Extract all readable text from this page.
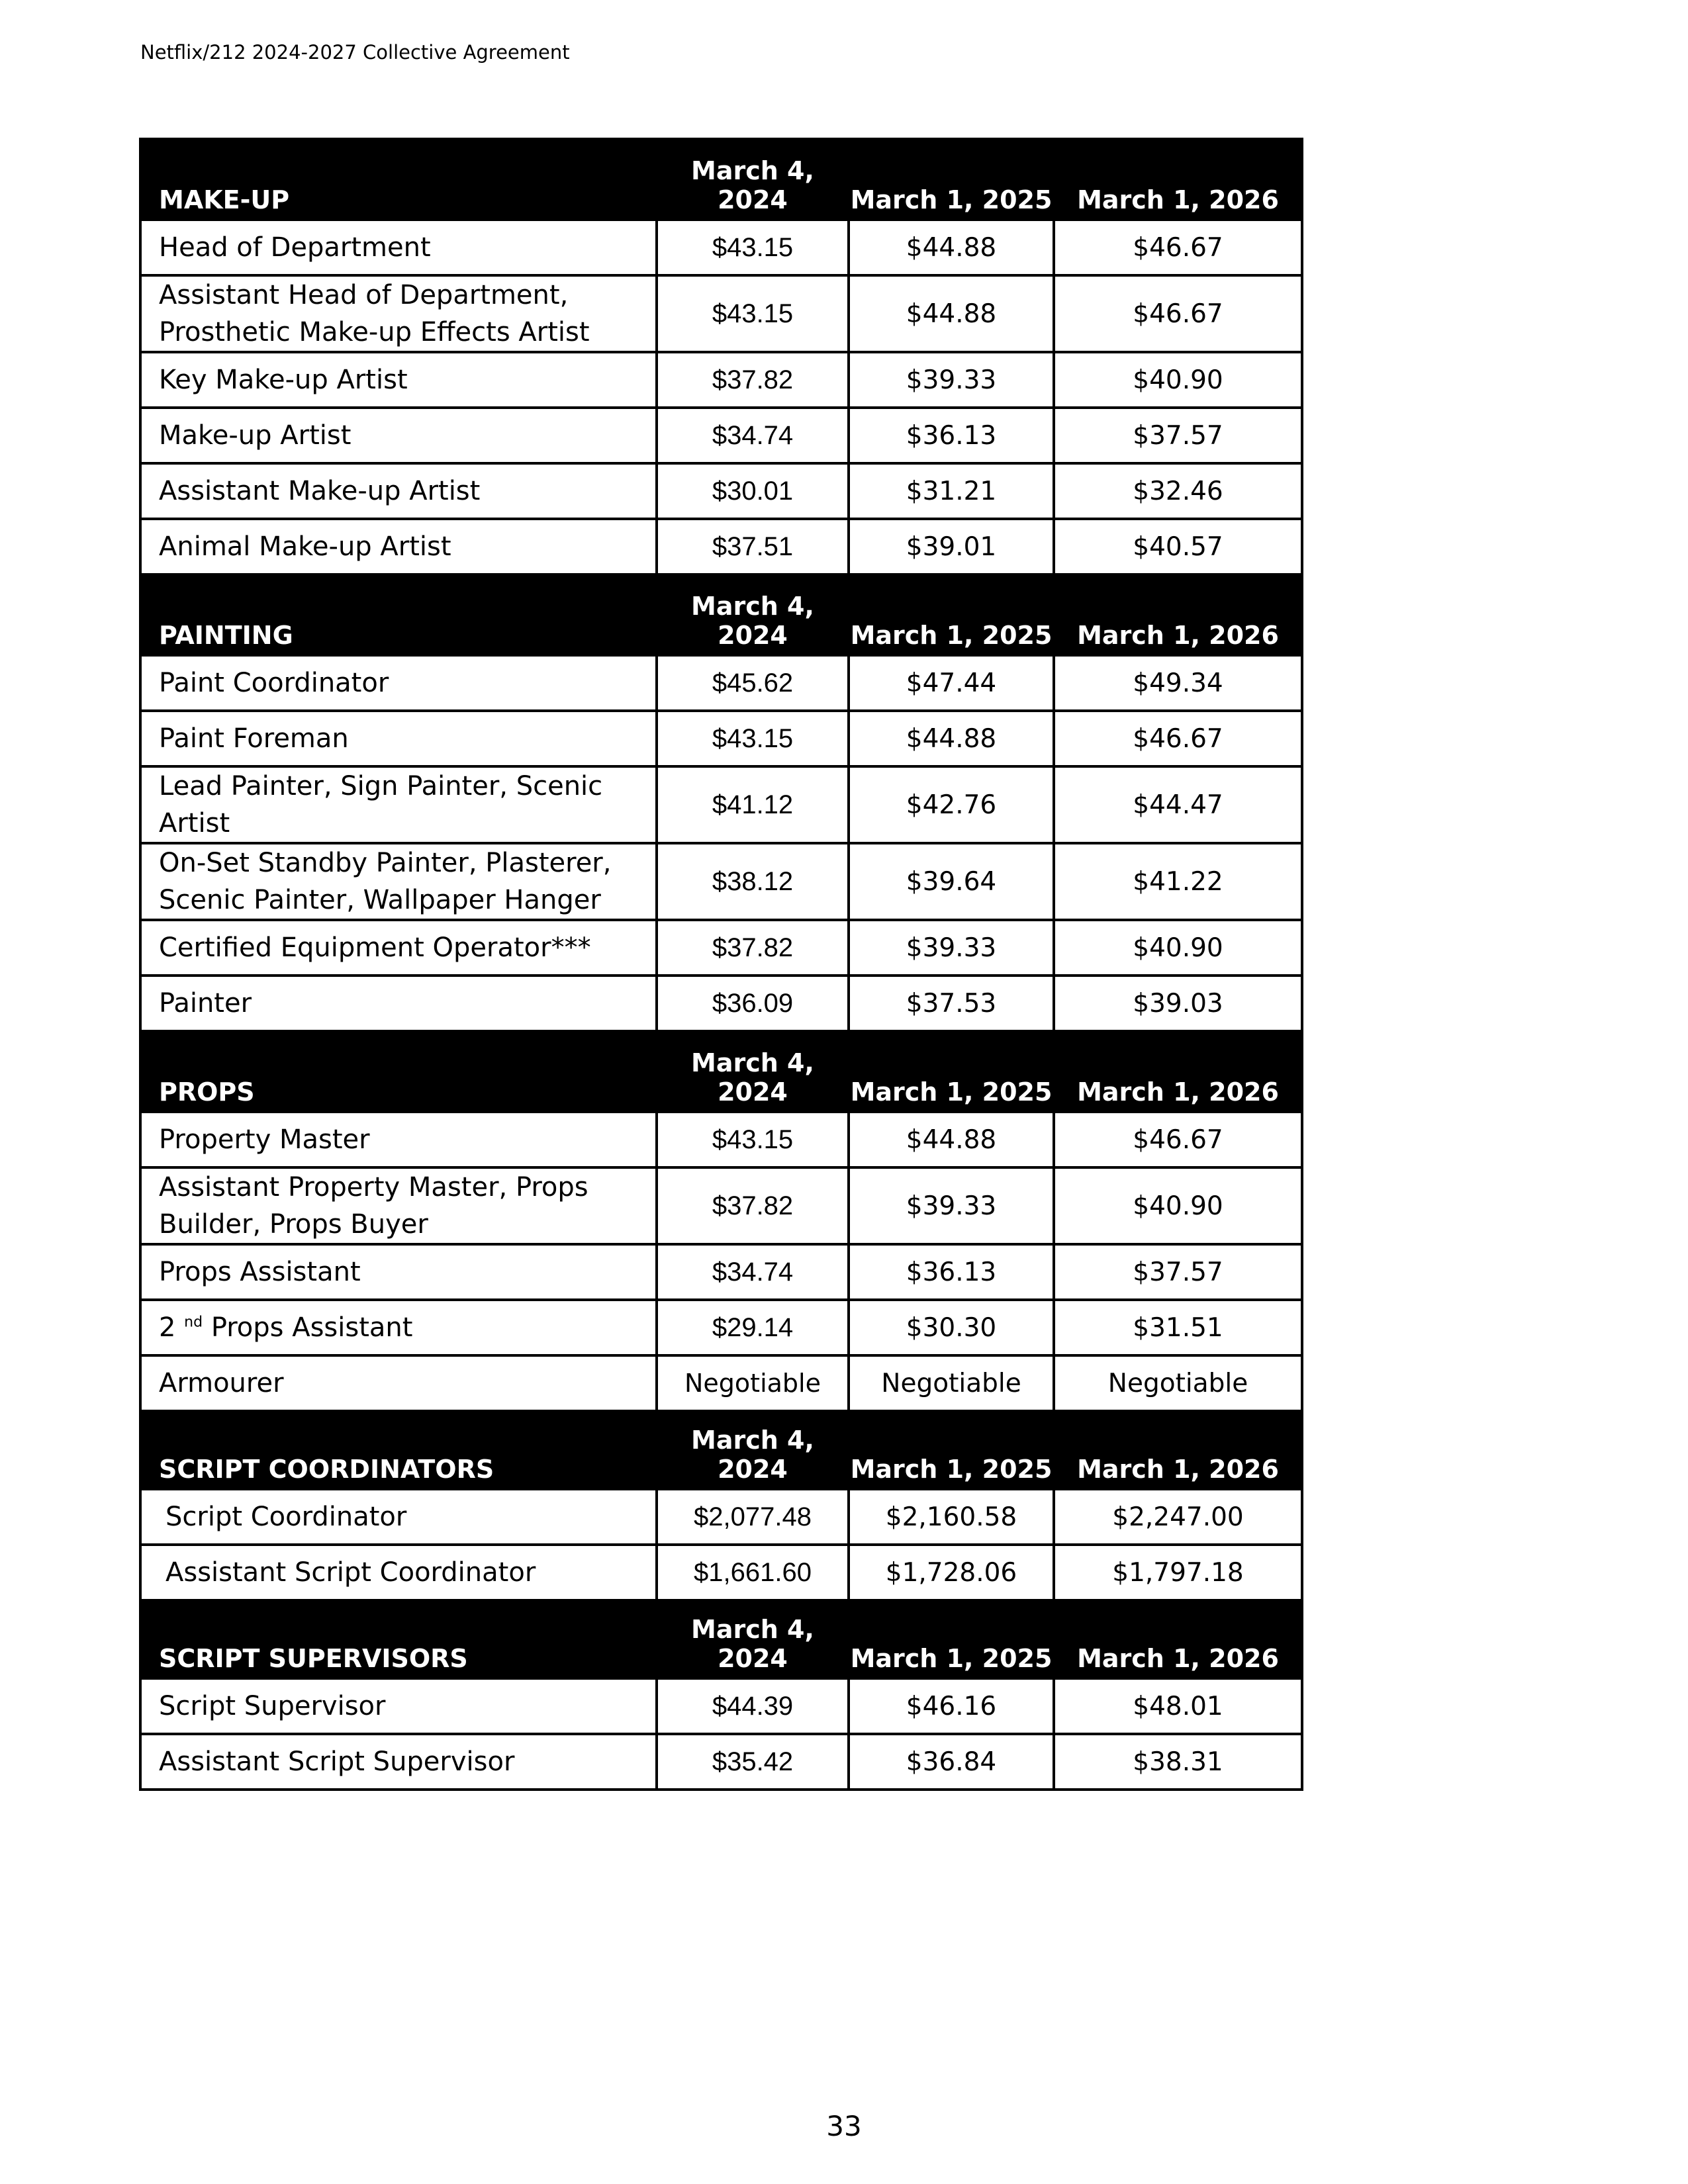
Netflix/212 2024-2027 Collective Agreement
MAKE-UP	March 4, 2024	March 1, 2025	March 1, 2026
Head of Department	$43.15	$44.88	$46.67
Assistant Head of Department, Prosthetic Make-up Effects Artist	$43.15	$44.88	$46.67
Key Make-up Artist	$37.82	$39.33	$40.90
Make-up Artist	$34.74	$36.13	$37.57
Assistant Make-up Artist	$30.01	$31.21	$32.46
Animal Make-up Artist	$37.51	$39.01	$40.57
PAINTING	March 4, 2024	March 1, 2025	March 1, 2026
Paint Coordinator	$45.62	$47.44	$49.34
Paint Foreman	$43.15	$44.88	$46.67
Lead Painter, Sign Painter, Scenic Artist	$41.12	$42.76	$44.47
On-Set Standby Painter, Plasterer, Scenic Painter, Wallpaper Hanger	$38.12	$39.64	$41.22
Certified Equipment Operator***	$37.82	$39.33	$40.90
Painter	$36.09	$37.53	$39.03
PROPS	March 4, 2024	March 1, 2025	March 1, 2026
Property Master	$43.15	$44.88	$46.67
Assistant Property Master, Props Builder, Props Buyer	$37.82	$39.33	$40.90
Props Assistant	$34.74	$36.13	$37.57
2 $^{nd}$ Props Assistant	$29.14	$30.30	$31.51
Armourer	Negotiable	Negotiable	Negotiable
SCRIPT COORDINATORS	March 4, 2024	March 1, 2025	March 1, 2026
Script Coordinator	$2,077.48	$2,160.58	$2,247.00
Assistant Script Coordinator	$1,661.60	$1,728.06	$1,797.18
SCRIPT SUPERVISORS	March 4, 2024	March 1, 2025	March 1, 2026
Script Supervisor	$44.39	$46.16	$48.01
Assistant Script Supervisor	$35.42	$36.84	$38.31
33
